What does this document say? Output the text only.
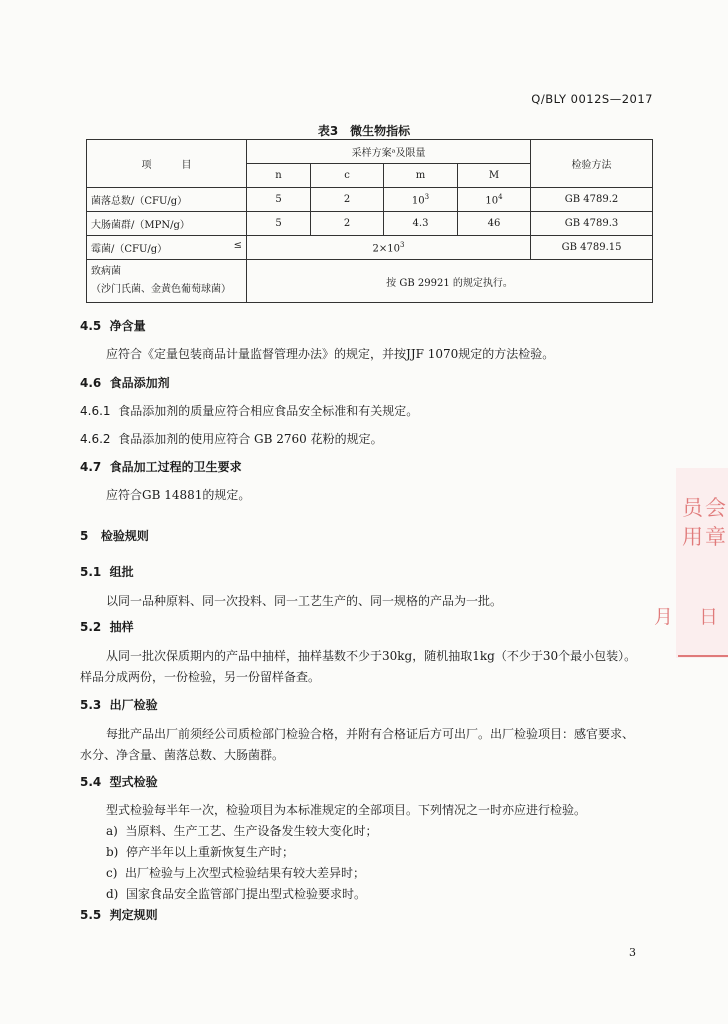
Q/BLY 0012S—2017
表3　微生物指标
项　　　目	采样方案ᵃ及限量				检验方法
	n	c	m	M	
菌落总数/（CFU/g）	5	2	$10^3$	$10^4$	GB 4789.2
大肠菌群/（MPN/g）	5	2	4.3	46	GB 4789.3
霉菌/（CFU/g） ≤	$2\times 10^3$				GB 4789.15

致病菌
（沙门氏菌、金黄色葡萄球菌）	按 GB 29921 的规定执行。				
4.5 净含量
应符合《定量包装商品计量监督管理办法》的规定，并按JJF 1070规定的方法检验。
4.6 食品添加剂
4.6.1 食品添加剂的质量应符合相应食品安全标准和有关规定。
4.6.2 食品添加剂的使用应符合 GB 2760 花粉的规定。
4.7 食品加工过程的卫生要求
应符合GB 14881的规定。
5 检验规则
5.1 组批
以同一品种原料、同一次投料、同一工艺生产的、同一规格的产品为一批。
5.2 抽样
从同一批次保质期内的产品中抽样，抽样基数不少于30kg，随机抽取1kg（不少于30个最小包装）。
样品分成两份，一份检验，另一份留样备查。
5.3 出厂检验
每批产品出厂前须经公司质检部门检验合格，并附有合格证后方可出厂。出厂检验项目：感官要求、
水分、净含量、菌落总数、大肠菌群。
5.4 型式检验
型式检验每半年一次，检验项目为本标准规定的全部项目。下列情况之一时亦应进行检验。
a) 当原料、生产工艺、生产设备发生较大变化时；
b) 停产半年以上重新恢复生产时；
c) 出厂检验与上次型式检验结果有较大差异时；
d) 国家食品安全监管部门提出型式检验要求时。
5.5 判定规则
员会
用章
月 日
3
